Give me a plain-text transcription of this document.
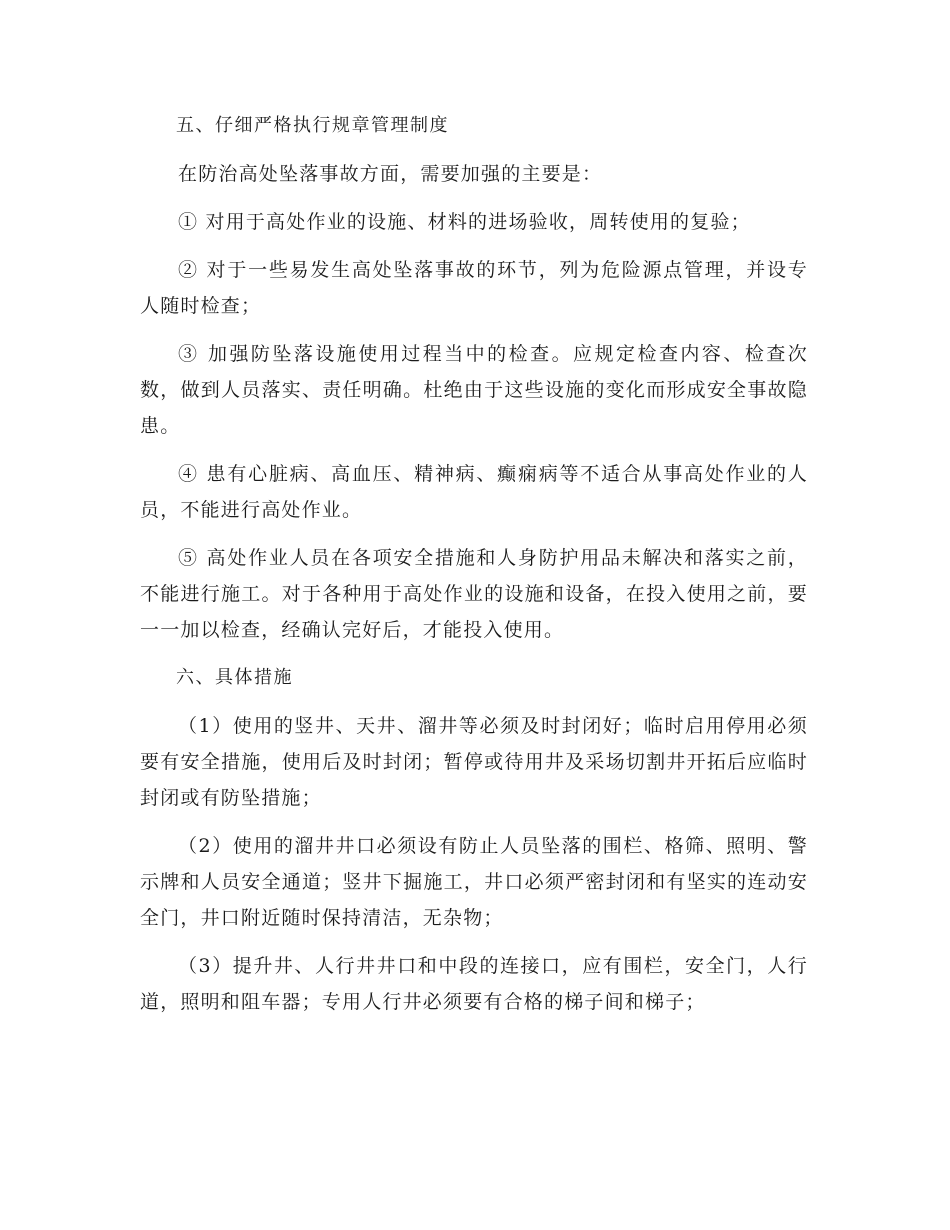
五、仔细严格执行规章管理制度

在防治高处坠落事故方面，需要加强的主要是：

① 对用于高处作业的设施、材料的进场验收，周转使用的复验；

② 对于一些易发生高处坠落事故的环节，列为危险源点管理，并设专人随时检查；

③ 加强防坠落设施使用过程当中的检查。应规定检查内容、检查次数，做到人员落实、责任明确。杜绝由于这些设施的变化而形成安全事故隐患。

④ 患有心脏病、高血压、精神病、癫痫病等不适合从事高处作业的人员，不能进行高处作业。

⑤ 高处作业人员在各项安全措施和人身防护用品未解决和落实之前，不能进行施工。对于各种用于高处作业的设施和设备，在投入使用之前，要一一加以检查，经确认完好后，才能投入使用。

六、具体措施

（1）使用的竖井、天井、溜井等必须及时封闭好；临时启用停用必须要有安全措施，使用后及时封闭；暂停或待用井及采场切割井开拓后应临时封闭或有防坠措施；

（2）使用的溜井井口必须设有防止人员坠落的围栏、格筛、照明、警示牌和人员安全通道；竖井下掘施工，井口必须严密封闭和有坚实的连动安全门，井口附近随时保持清洁，无杂物；

（3）提升井、人行井井口和中段的连接口，应有围栏，安全门，人行道，照明和阻车器；专用人行井必须要有合格的梯子间和梯子；
